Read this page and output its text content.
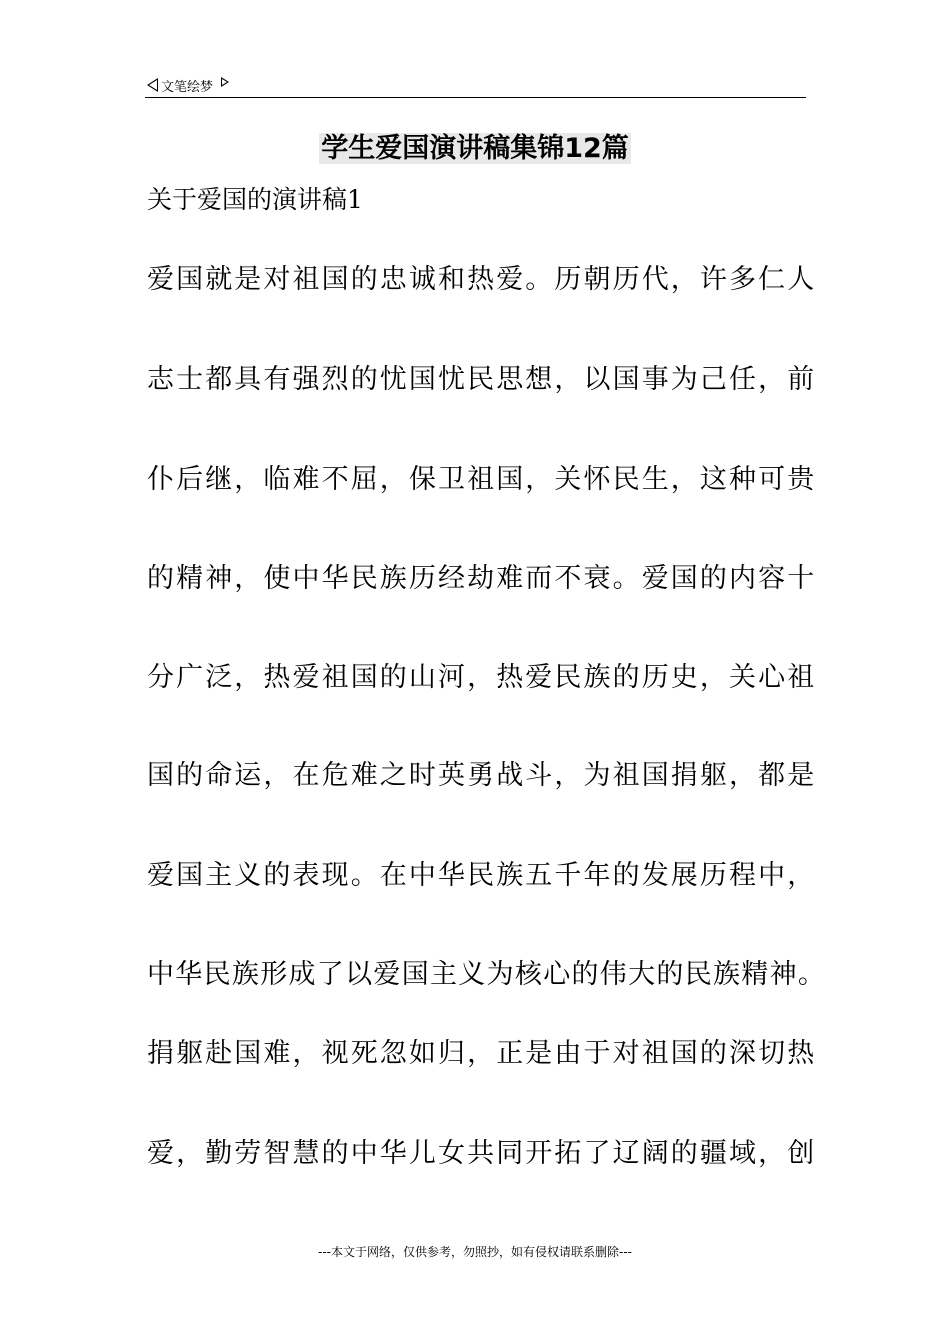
文笔绘梦
学生爱国演讲稿集锦12篇
关于爱国的演讲稿1
爱国就是对祖国的忠诚和热爱。历朝历代，许多仁人
志士都具有强烈的忧国忧民思想，以国事为己任，前
仆后继，临难不屈，保卫祖国，关怀民生，这种可贵
的精神，使中华民族历经劫难而不衰。爱国的内容十
分广泛，热爱祖国的山河，热爱民族的历史，关心祖
国的命运，在危难之时英勇战斗，为祖国捐躯，都是
爱国主义的表现。在中华民族五千年的发展历程中，
中华民族形成了以爱国主义为核心的伟大的民族精神。
捐躯赴国难，视死忽如归，正是由于对祖国的深切热
爱，勤劳智慧的中华儿女共同开拓了辽阔的疆域，创
---本文于网络，仅供参考，勿照抄，如有侵权请联系删除---
